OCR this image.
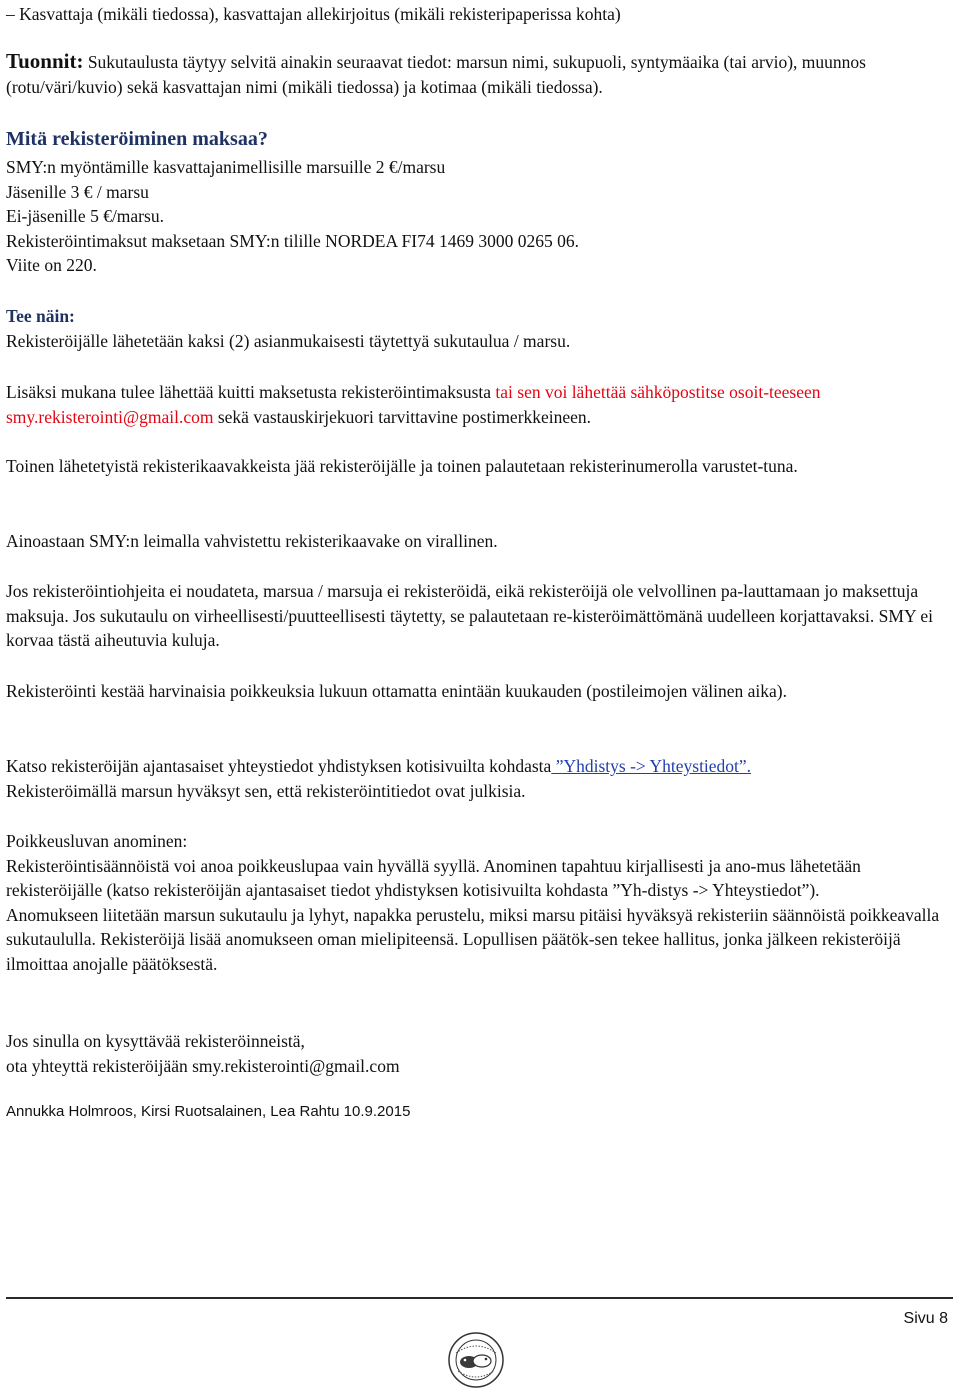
– Kasvattaja (mikäli tiedossa), kasvattajan allekirjoitus (mikäli rekisteripaperissa kohta)

Tuonnit: Sukutaulusta täytyy selvitä ainakin seuraavat tiedot: marsun nimi, sukupuoli, syntymäaika (tai arvio), muunnos (rotu/väri/kuvio) sekä kasvattajan nimi (mikäli tiedossa) ja kotimaa (mikäli tiedossa).

Mitä rekisteröiminen maksaa?

SMY:n myöntämille kasvattajanimellisille marsuille 2 €/marsu
Jäsenille 3 € / marsu
Ei-jäsenille 5 €/marsu.
Rekisteröintimaksut maksetaan SMY:n tilille NORDEA FI74 1469 3000 0265 06.
Viite on 220.
Tee näin:
Rekisteröijälle lähetetään kaksi (2) asianmukaisesti täytettyä sukutaulua / marsu.

Lisäksi mukana tulee lähettää kuitti maksetusta rekisteröintimaksusta tai sen voi lähettää sähköpostitse osoit-teeseen smy.rekisterointi@gmail.com sekä vastauskirjekuori tarvittavine postimerkkeineen.

Toinen lähetetyistä rekisterikaavakkeista jää rekisteröijälle ja toinen palautetaan rekisterinumerolla varustet-tuna.

Ainoastaan SMY:n leimalla vahvistettu rekisterikaavake on virallinen.

Jos rekisteröintiohjeita ei noudateta, marsua / marsuja ei rekisteröidä, eikä rekisteröijä ole velvollinen pa-lauttamaan jo maksettuja maksuja. Jos sukutaulu on virheellisesti/puutteellisesti täytetty, se palautetaan re-kisteröimättömänä uudelleen korjattavaksi. SMY ei korvaa tästä aiheutuvia kuluja.

Rekisteröinti kestää harvinaisia poikkeuksia lukuun ottamatta enintään kuukauden (postileimojen välinen aika).

Katso rekisteröijän ajantasaiset yhteystiedot yhdistyksen kotisivuilta kohdasta ”Yhdistys -> Yhteystiedot”.
Rekisteröimällä marsun hyväksyt sen, että rekisteröintitiedot ovat julkisia.
Poikkeusluvan anominen:
Rekisteröintisäännöistä voi anoa poikkeuslupaa vain hyvällä syyllä. Anominen tapahtuu kirjallisesti ja ano-mus lähetetään rekisteröijälle (katso rekisteröijän ajantasaiset tiedot yhdistyksen kotisivuilta kohdasta ”Yh-distys -> Yhteystiedot”).
Anomukseen liitetään marsun sukutaulu ja lyhyt, napakka perustelu, miksi marsu pitäisi hyväksyä rekisteriin säännöistä poikkeavalla sukutaululla. Rekisteröijä lisää anomukseen oman mielipiteensä. Lopullisen päätök-sen tekee hallitus, jonka jälkeen rekisteröijä ilmoittaa anojalle päätöksestä.
Jos sinulla on kysyttävää rekisteröinneistä,
ota yhteyttä rekisteröijään smy.rekisterointi@gmail.com

Annukka Holmroos, Kirsi Ruotsalainen, Lea Rahtu 10.9.2015

Sivu 8
